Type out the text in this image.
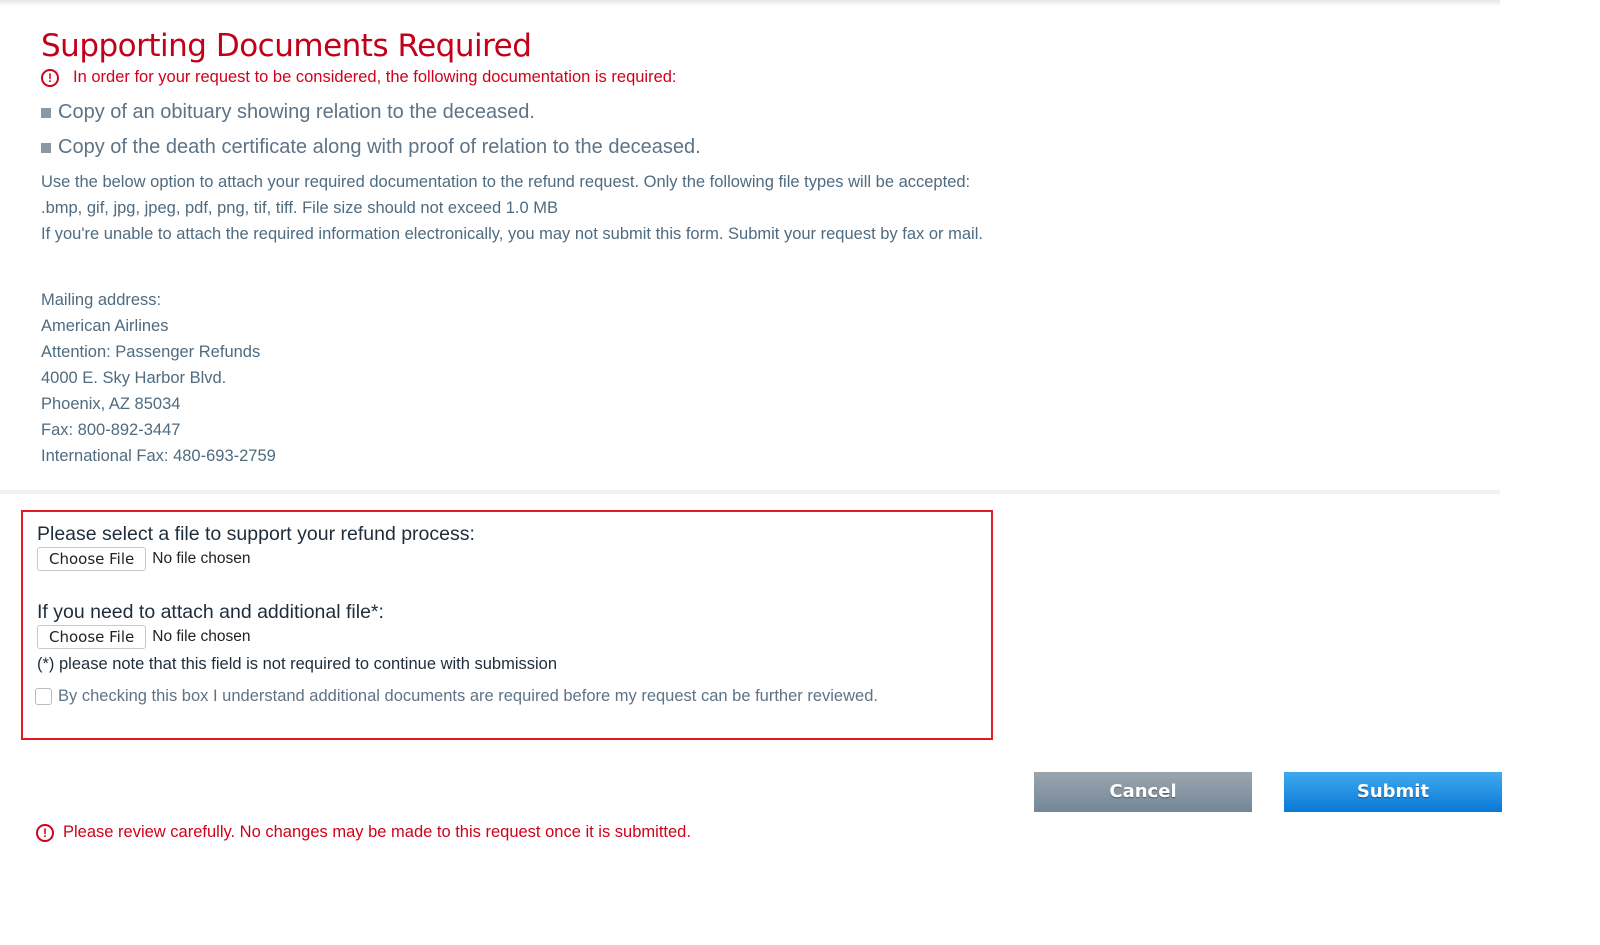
Supporting Documents Required
!	In order for your request to be considered, the following documentation is required:
Copy of an obituary showing relation to the deceased.
Copy of the death certificate along with proof of relation to the deceased.
Use the below option to attach your required documentation to the refund request. Only the following file types will be accepted:
.bmp, gif, jpg, jpeg, pdf, png, tif, tiff. File size should not exceed 1.0 MB
If you're unable to attach the required information electronically, you may not submit this form. Submit your request by fax or mail.
Mailing address:
American Airlines
Attention: Passenger Refunds
4000 E. Sky Harbor Blvd.
Phoenix, AZ 85034
Fax: 800-892-3447
International Fax: 480-693-2759
Please select a file to support your refund process:
Choose File	No file chosen
If you need to attach and additional file*:
Choose File	No file chosen
(*) please note that this field is not required to continue with submission
By checking this box I understand additional documents are required before my request can be further reviewed.
Cancel	Submit
! Please review carefully. No changes may be made to this request once it is submitted.
